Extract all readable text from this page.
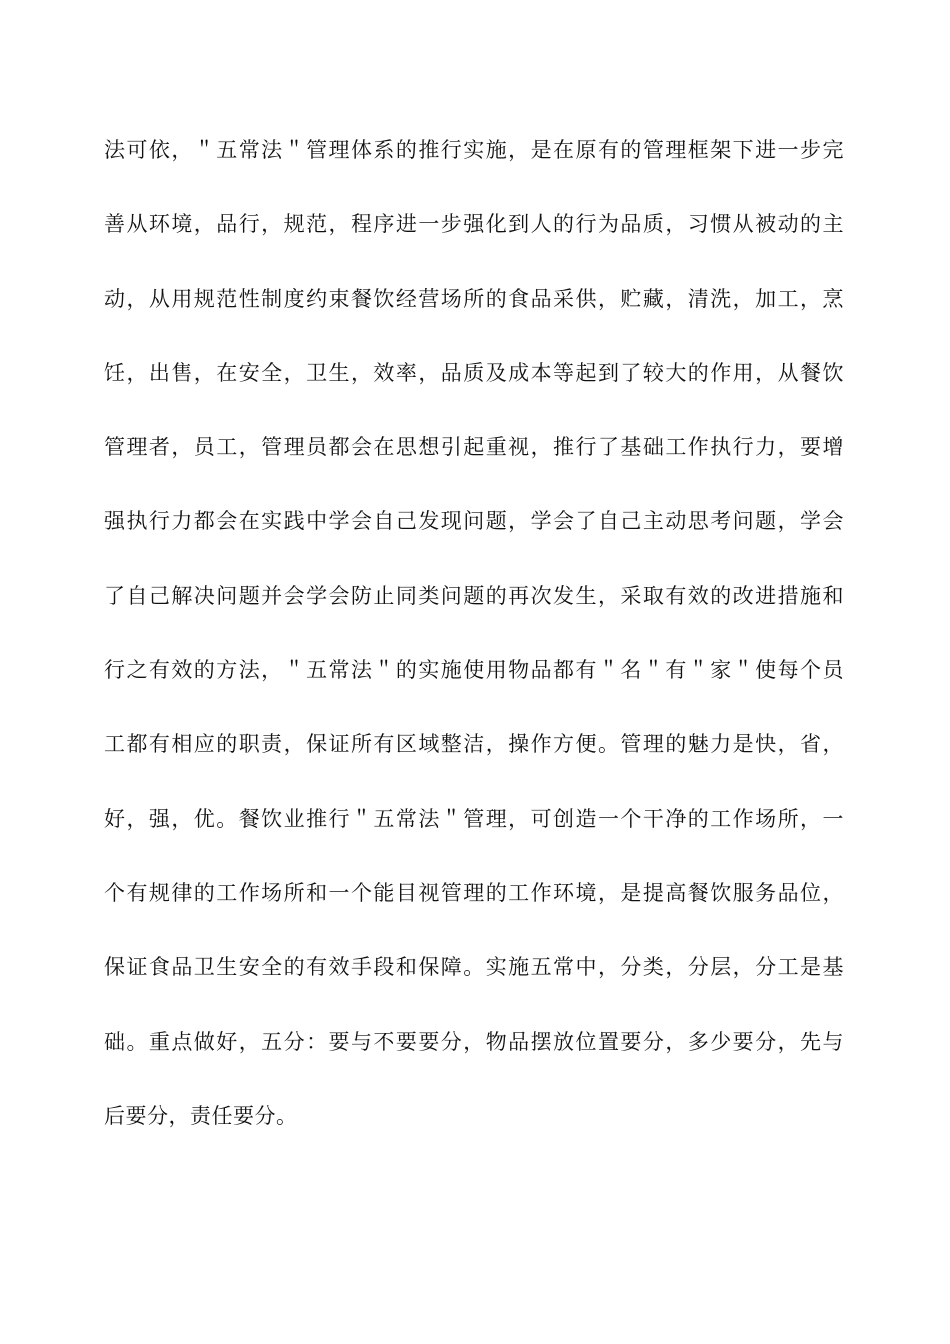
法可依，＂五常法＂管理体系的推行实施，是在原有的管理框架下进一步完
善从环境，品行，规范，程序进一步强化到人的行为品质，习惯从被动的主
动，从用规范性制度约束餐饮经营场所的食品采供，贮藏，清洗，加工，烹
饪，出售，在安全，卫生，效率，品质及成本等起到了较大的作用，从餐饮
管理者，员工，管理员都会在思想引起重视，推行了基础工作执行力，要增
强执行力都会在实践中学会自己发现问题，学会了自己主动思考问题，学会
了自己解决问题并会学会防止同类问题的再次发生，采取有效的改进措施和
行之有效的方法，＂五常法＂的实施使用物品都有＂名＂有＂家＂使每个员
工都有相应的职责，保证所有区域整洁，操作方便。管理的魅力是快，省，
好，强，优。餐饮业推行＂五常法＂管理，可创造一个干净的工作场所，一
个有规律的工作场所和一个能目视管理的工作环境，是提高餐饮服务品位，
保证食品卫生安全的有效手段和保障。实施五常中，分类，分层，分工是基
础。重点做好，五分：要与不要要分，物品摆放位置要分，多少要分，先与
后要分，责任要分。
